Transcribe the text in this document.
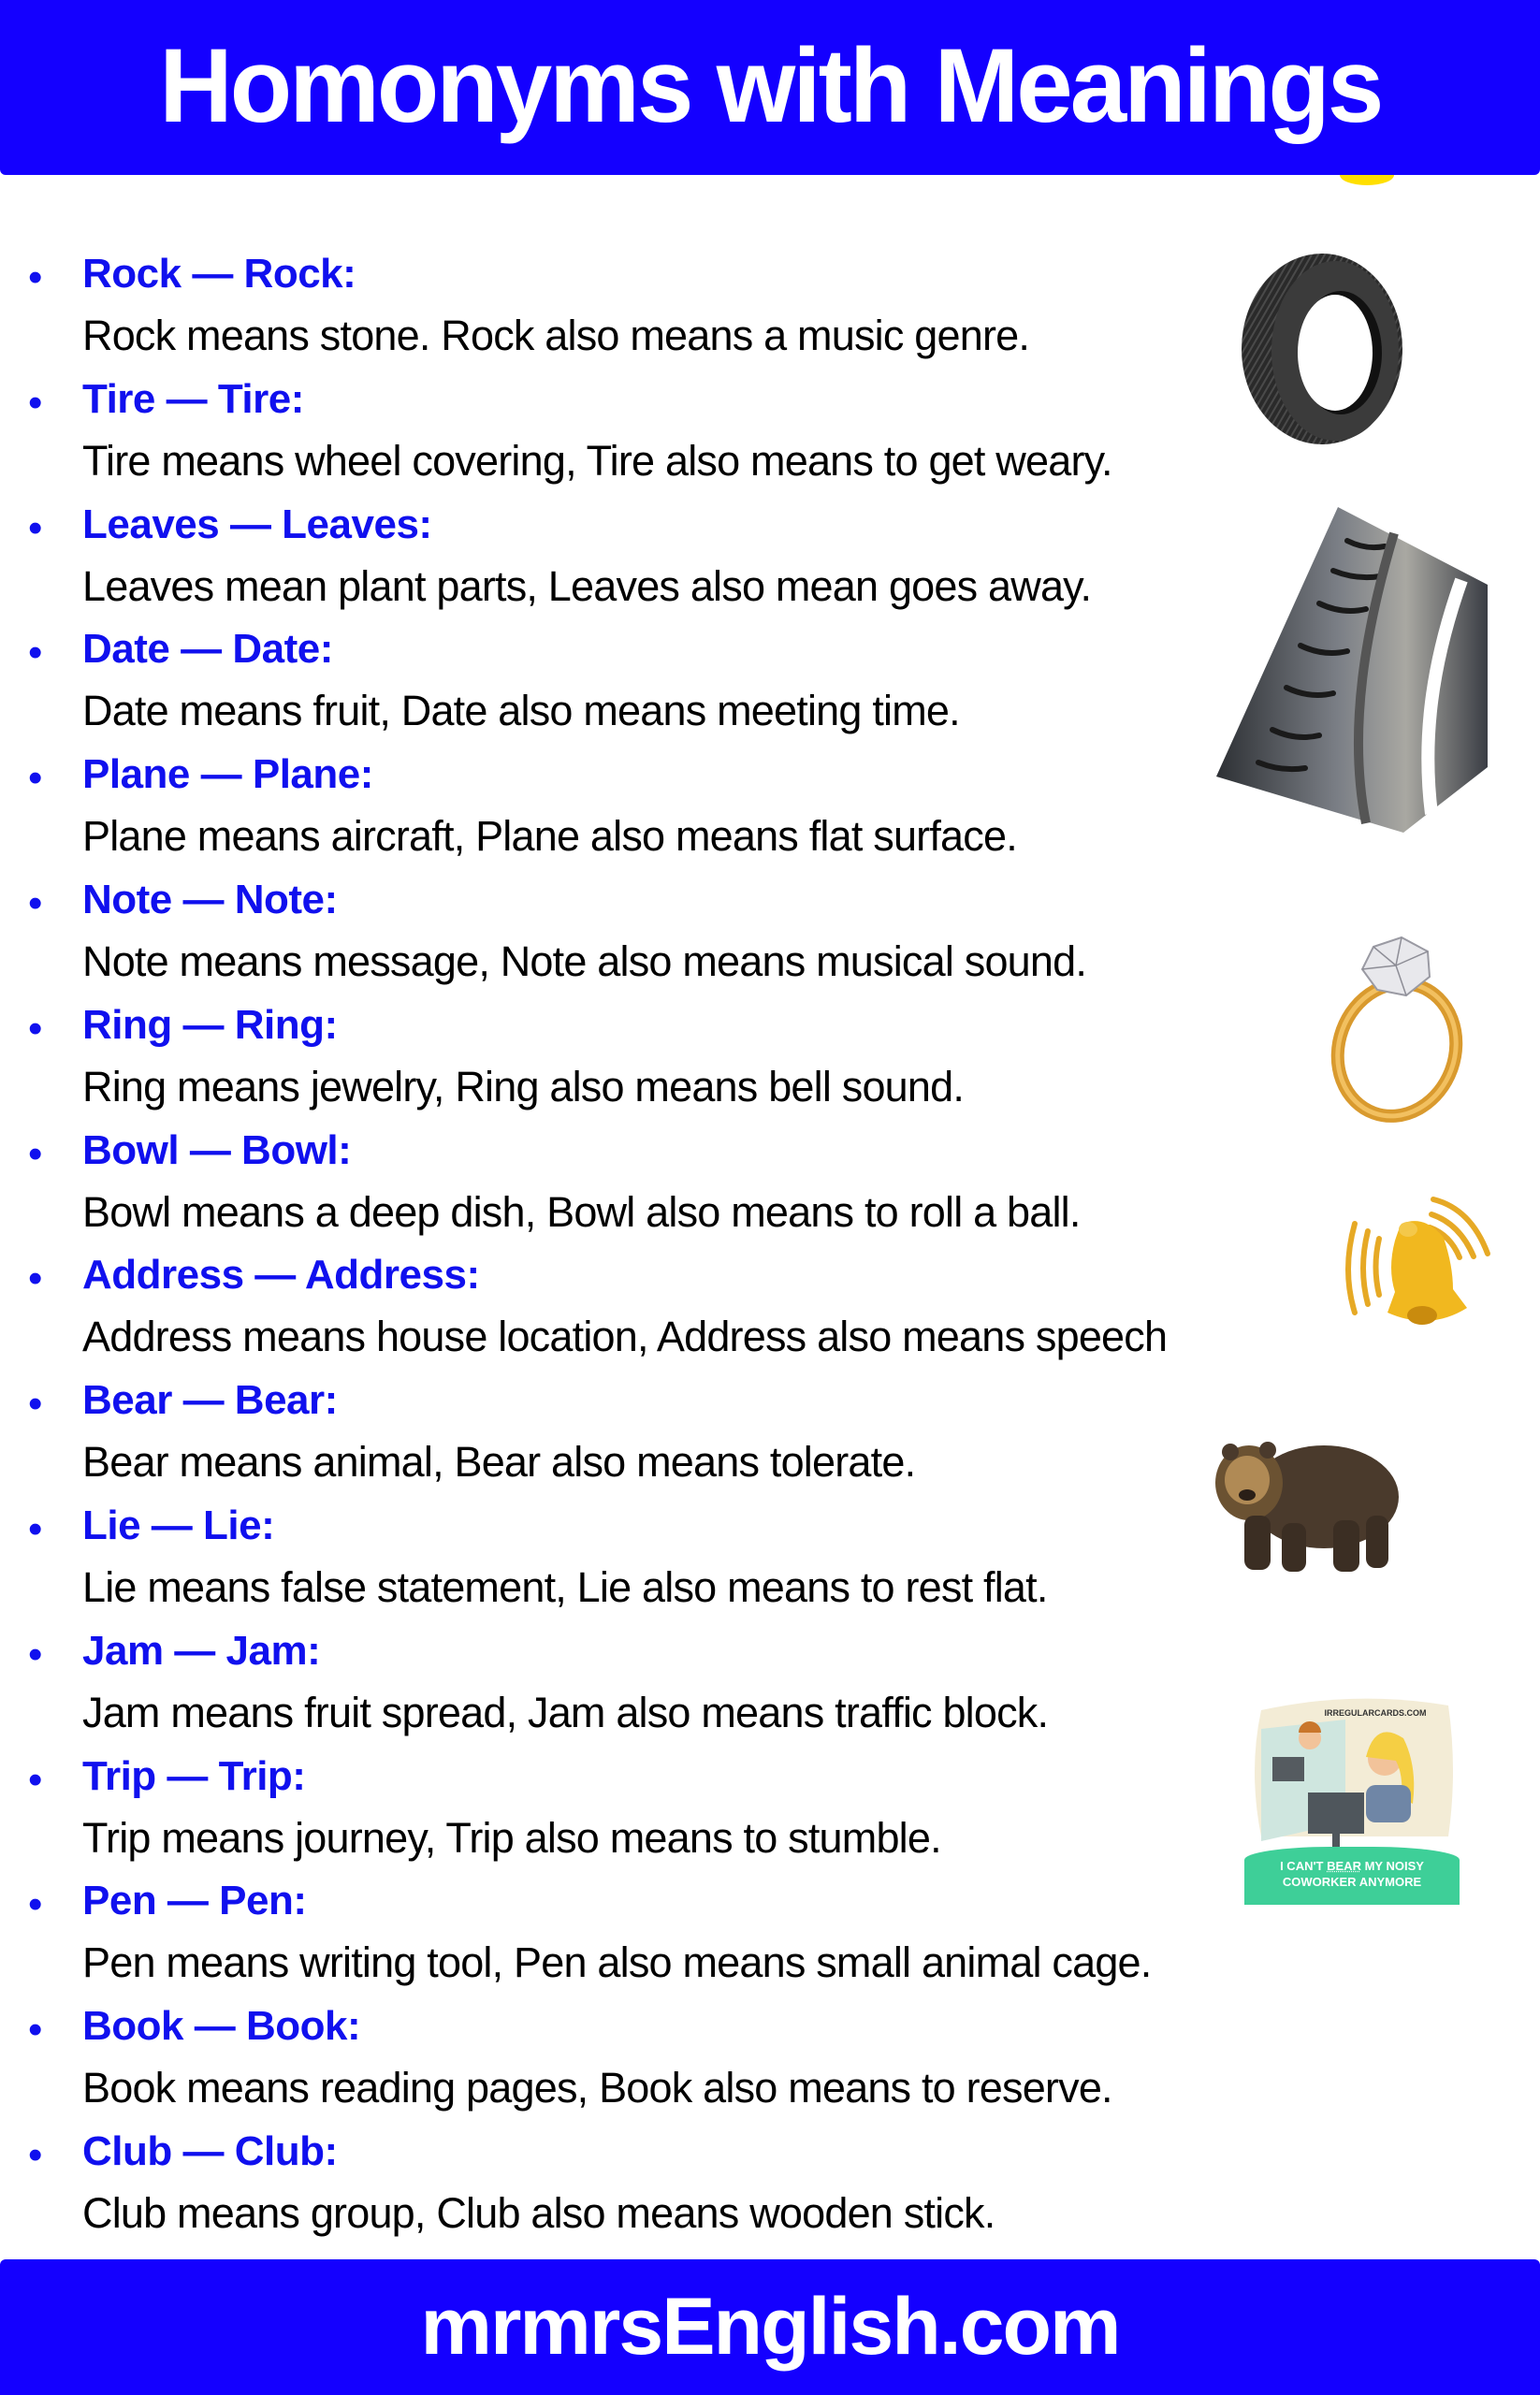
Homonyms with Meanings
• Rock — Rock:
Rock means stone. Rock also means a music genre.
• Tire — Tire:
Tire means wheel covering, Tire also means to get weary.
• Leaves — Leaves:
Leaves mean plant parts, Leaves also mean goes away.
• Date — Date:
Date means fruit, Date also means meeting time.
• Plane — Plane:
Plane means aircraft, Plane also means flat surface.
• Note — Note:
Note means message, Note also means musical sound.
• Ring — Ring:
Ring means jewelry, Ring also means bell sound.
• Bowl — Bowl:
Bowl means a deep dish, Bowl also means to roll a ball.
• Address — Address:
Address means house location, Address also means speech
• Bear — Bear:
Bear means animal, Bear also means tolerate.
• Lie — Lie:
Lie means false statement, Lie also means to rest flat.
• Jam — Jam:
Jam means fruit spread, Jam also means traffic block.
• Trip — Trip:
Trip means journey, Trip also means to stumble.
• Pen — Pen:
Pen means writing tool, Pen also means small animal cage.
• Book — Book:
Book means reading pages, Book also means to reserve.
• Club — Club:
Club means group, Club also means wooden stick.
IRREGULARCARDS.COM
I CAN'T BEAR MY NOISY
COWORKER ANYMORE
mrmrsEnglish.com
